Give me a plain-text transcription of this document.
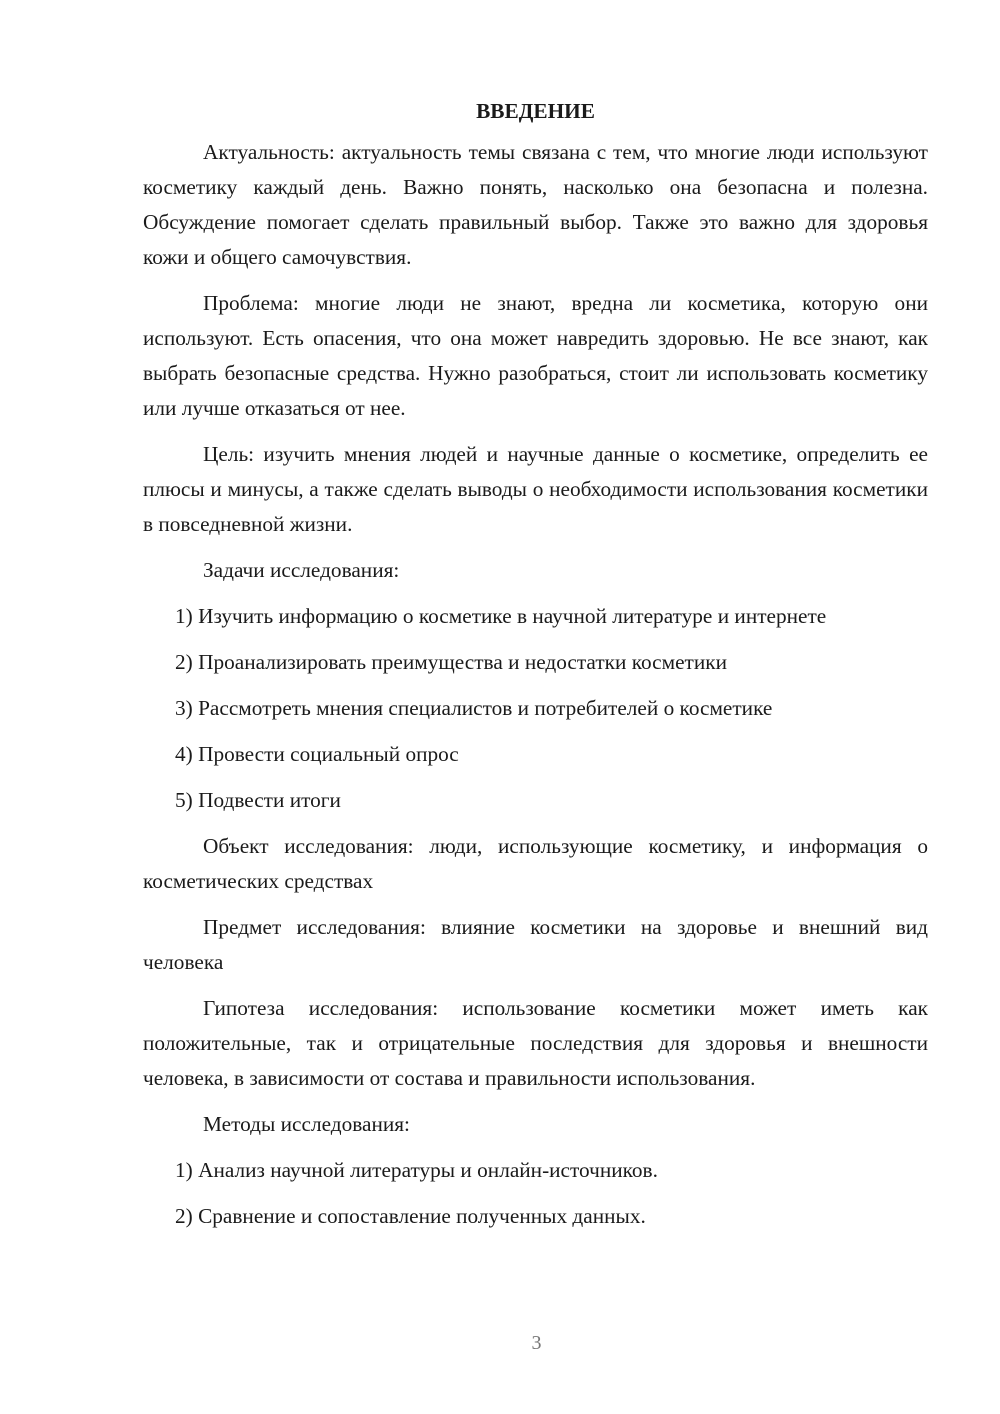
ВВЕДЕНИЕ

Актуальность: актуальность темы связана с тем, что многие люди используют косметику каждый день. Важно понять, насколько она безопасна и полезна. Обсуждение помогает сделать правильный выбор. Также это важно для здоровья кожи и общего самочувствия.

Проблема: многие люди не знают, вредна ли косметика, которую они используют. Есть опасения, что она может навредить здоровью. Не все знают, как выбрать безопасные средства. Нужно разобраться, стоит ли использовать косметику или лучше отказаться от нее.

Цель: изучить мнения людей и научные данные о косметике, определить ее плюсы и минусы, а также сделать выводы о необходимости использования косметики в повседневной жизни.

Задачи исследования:

1) Изучить информацию о косметике в научной литературе и интернете

2) Проанализировать преимущества и недостатки косметики

3) Рассмотреть мнения специалистов и потребителей о косметике

4) Провести социальный опрос

5) Подвести итоги

Объект исследования: люди, использующие косметику, и информация о косметических средствах

Предмет исследования: влияние косметики на здоровье и внешний вид человека

Гипотеза исследования: использование косметики может иметь как положительные, так и отрицательные последствия для здоровья и внешности человека, в зависимости от состава и правильности использования.

Методы исследования:

1) Анализ научной литературы и онлайн-источников.

2) Сравнение и сопоставление полученных данных.

3
